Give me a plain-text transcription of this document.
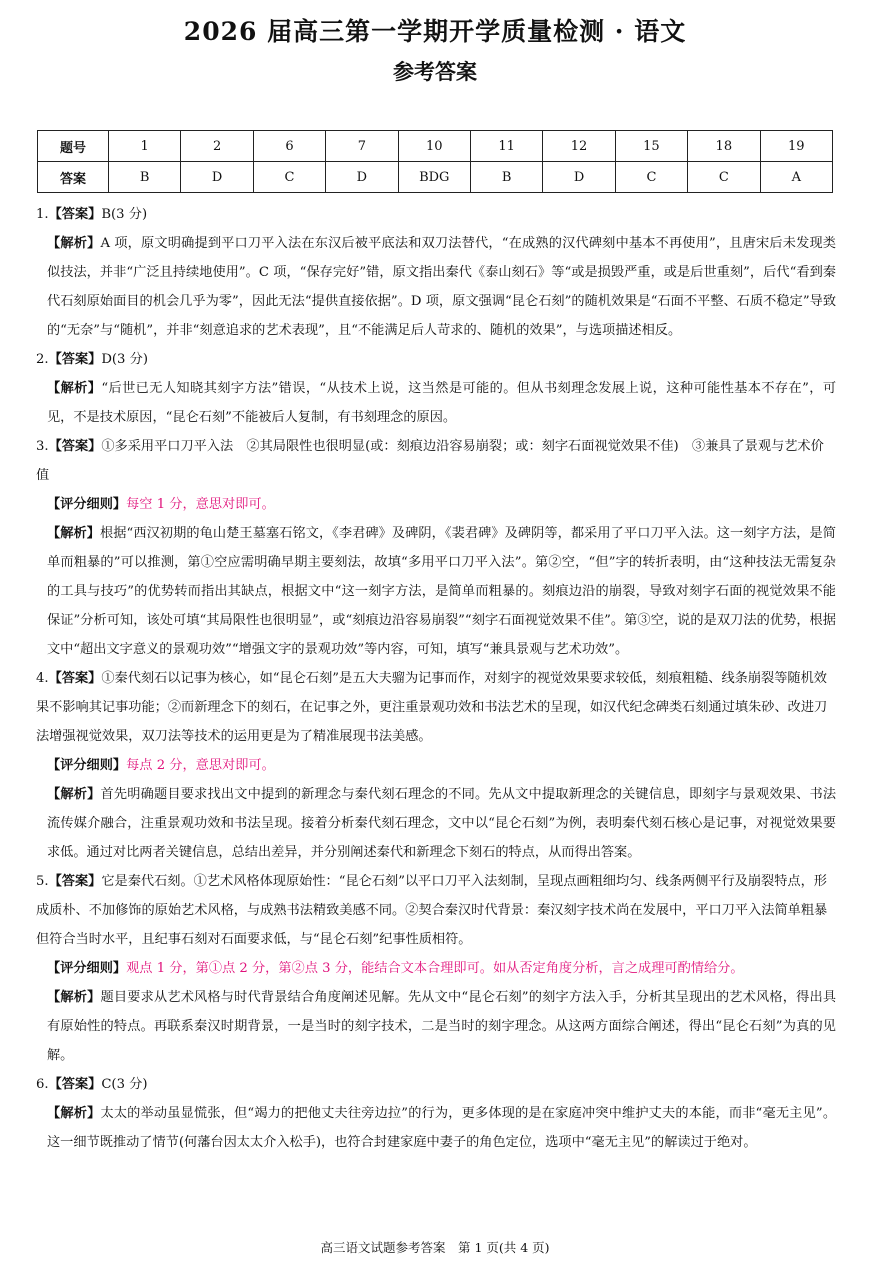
2026 届高三第一学期开学质量检测 · 语文
参考答案
题号	1	2	6	7	10	11	12	15	18	19
答案	B	D	C	D	BDG	B	D	C	C	A

1.【答案】B(3 分)

【解析】A 项，原文明确提到平口刀平入法在东汉后被平底法和双刀法替代，“在成熟的汉代碑刻中基本不再使用”，且唐宋后未发现类似技法，并非“广泛且持续地使用”。C 项，“保存完好”错，原文指出秦代《泰山刻石》等“或是损毁严重，或是后世重刻”，后代“看到秦代石刻原始面目的机会几乎为零”，因此无法“提供直接依据”。D 项，原文强调“昆仑石刻”的随机效果是“石面不平整、石质不稳定”导致的“无奈”与“随机”，并非“刻意追求的艺术表现”，且“不能满足后人苛求的、随机的效果”，与选项描述相反。

2.【答案】D(3 分)

【解析】“后世已无人知晓其刻字方法”错误，“从技术上说，这当然是可能的。但从书刻理念发展上说，这种可能性基本不存在”，可见，不是技术原因，“昆仑石刻”不能被后人复制，有书刻理念的原因。

3.【答案】①多采用平口刀平入法　②其局限性也很明显(或：刻痕边沿容易崩裂；或：刻字石面视觉效果不佳)　③兼具了景观与艺术价值

【评分细则】每空 1 分，意思对即可。

【解析】根据“西汉初期的龟山楚王墓塞石铭文，《李君碑》及碑阴，《裴君碑》及碑阴等，都采用了平口刀平入法。这一刻字方法，是简单而粗暴的”可以推测，第①空应需明确早期主要刻法，故填“多用平口刀平入法”。第②空，“但”字的转折表明，由“这种技法无需复杂的工具与技巧”的优势转而指出其缺点，根据文中“这一刻字方法，是简单而粗暴的。刻痕边沿的崩裂，导致对刻字石面的视觉效果不能保证”分析可知，该处可填“其局限性也很明显”，或“刻痕边沿容易崩裂”“刻字石面视觉效果不佳”。第③空，说的是双刀法的优势，根据文中“超出文字意义的景观功效”“增强文字的景观功效”等内容，可知，填写“兼具景观与艺术功效”。

4.【答案】①秦代刻石以记事为核心，如“昆仑石刻”是五大夫骝为记事而作，对刻字的视觉效果要求较低，刻痕粗糙、线条崩裂等随机效果不影响其记事功能；②而新理念下的刻石，在记事之外，更注重景观功效和书法艺术的呈现，如汉代纪念碑类石刻通过填朱砂、改进刀法增强视觉效果，双刀法等技术的运用更是为了精准展现书法美感。

【评分细则】每点 2 分，意思对即可。

【解析】首先明确题目要求找出文中提到的新理念与秦代刻石理念的不同。先从文中提取新理念的关键信息，即刻字与景观效果、书法流传媒介融合，注重景观功效和书法呈现。接着分析秦代刻石理念，文中以“昆仑石刻”为例，表明秦代刻石核心是记事，对视觉效果要求低。通过对比两者关键信息，总结出差异，并分别阐述秦代和新理念下刻石的特点，从而得出答案。

5.【答案】它是秦代石刻。①艺术风格体现原始性：“昆仑石刻”以平口刀平入法刻制，呈现点画粗细均匀、线条两侧平行及崩裂特点，形成质朴、不加修饰的原始艺术风格，与成熟书法精致美感不同。②契合秦汉时代背景：秦汉刻字技术尚在发展中，平口刀平入法简单粗暴但符合当时水平，且纪事石刻对石面要求低，与“昆仑石刻”纪事性质相符。

【评分细则】观点 1 分，第①点 2 分，第②点 3 分，能结合文本合理即可。如从否定角度分析，言之成理可酌情给分。

【解析】题目要求从艺术风格与时代背景结合角度阐述见解。先从文中“昆仑石刻”的刻字方法入手，分析其呈现出的艺术风格，得出具有原始性的特点。再联系秦汉时期背景，一是当时的刻字技术，二是当时的刻字理念。从这两方面综合阐述，得出“昆仑石刻”为真的见解。

6.【答案】C(3 分)

【解析】太太的举动虽显慌张，但“竭力的把他丈夫往旁边拉”的行为，更多体现的是在家庭冲突中维护丈夫的本能，而非“毫无主见”。这一细节既推动了情节(何藩台因太太介入松手)，也符合封建家庭中妻子的角色定位，选项中“毫无主见”的解读过于绝对。

高三语文试题参考答案　第 1 页(共 4 页)
